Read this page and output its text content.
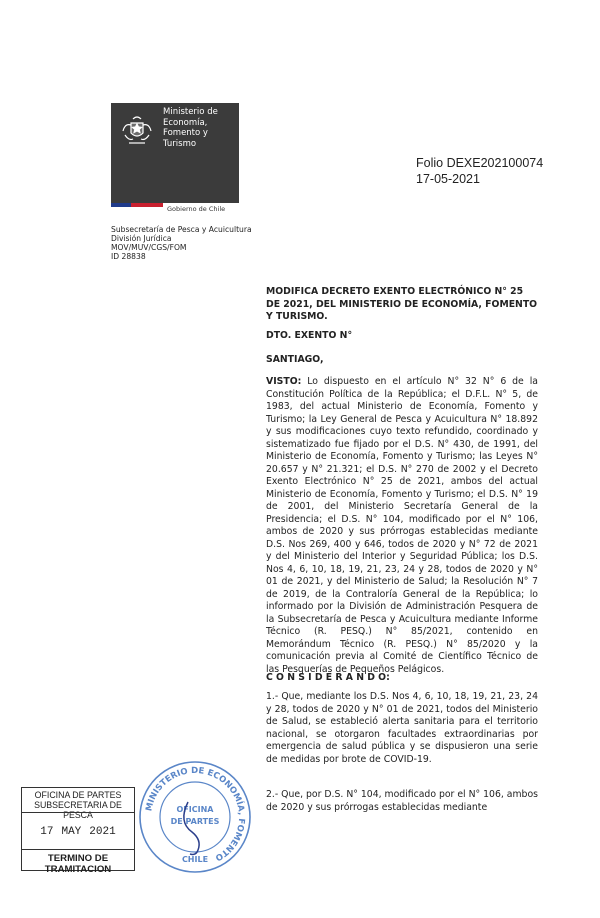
Ministerio de
Economía,
Fomento y
Turismo
Gobierno de Chile
Folio DEXE202100074
17-05-2021
Subsecretaría de Pesca y Acuicultura
División Jurídica
MOV/MUV/CGS/FOM
ID 28838
MODIFICA DECRETO EXENTO ELECTRÓNICO N° 25 DE 2021, DEL MINISTERIO DE ECONOMÍA, FOMENTO Y TURISMO.
DTO. EXENTO N°
SANTIAGO,
VISTO: Lo dispuesto en el artículo N° 32 N° 6 de la Constitución Política de la República; el D.F.L. N° 5, de 1983, del actual Ministerio de Economía, Fomento y Turismo; la Ley General de Pesca y Acuicultura N° 18.892 y sus modificaciones cuyo texto refundido, coordinado y sistematizado fue fijado por el D.S. N° 430, de 1991, del Ministerio de Economía, Fomento y Turismo; las Leyes N° 20.657 y N° 21.321; el D.S. N° 270 de 2002 y el Decreto Exento Electrónico N° 25 de 2021, ambos del actual Ministerio de Economía, Fomento y Turismo; el D.S. N° 19 de 2001, del Ministerio Secretaría General de la Presidencia; el D.S. N° 104, modificado por el N° 106, ambos de 2020 y sus prórrogas establecidas mediante D.S. Nos 269, 400 y 646, todos de 2020 y N° 72 de 2021 y del Ministerio del Interior y Seguridad Pública; los D.S. Nos 4, 6, 10, 18, 19, 21, 23, 24 y 28, todos de 2020 y N° 01 de 2021, y del Ministerio de Salud; la Resolución N° 7 de 2019, de la Contraloría General de la República; lo informado por la División de Administración Pesquera de la Subsecretaría de Pesca y Acuicultura mediante Informe Técnico (R. PESQ.) N° 85/2021, contenido en Memorándum Técnico (R. PESQ.) N° 85/2020 y la comunicación previa al Comité de Científico Técnico de las Pesquerías de Pequeños Pelágicos.
C O N S I D E R A N D O:
1.- Que, mediante los D.S. Nos 4, 6, 10, 18, 19, 21, 23, 24 y 28, todos de 2020 y N° 01 de 2021, todos del Ministerio de Salud, se estableció alerta sanitaria para el territorio nacional, se otorgaron facultades extraordinarias por emergencia de salud pública y se dispusieron una serie de medidas por brote de COVID-19.
2.- Que, por D.S. N° 104, modificado por el N° 106, ambos de 2020 y sus prórrogas establecidas mediante
OFICINA DE PARTES
SUBSECRETARIA DE PESCA
17 MAY 2021
TERMINO DE TRAMITACION
MINISTERIO DE ECONOMÍA, FOMENTO
OFICINA
DE PARTES
CHILE
